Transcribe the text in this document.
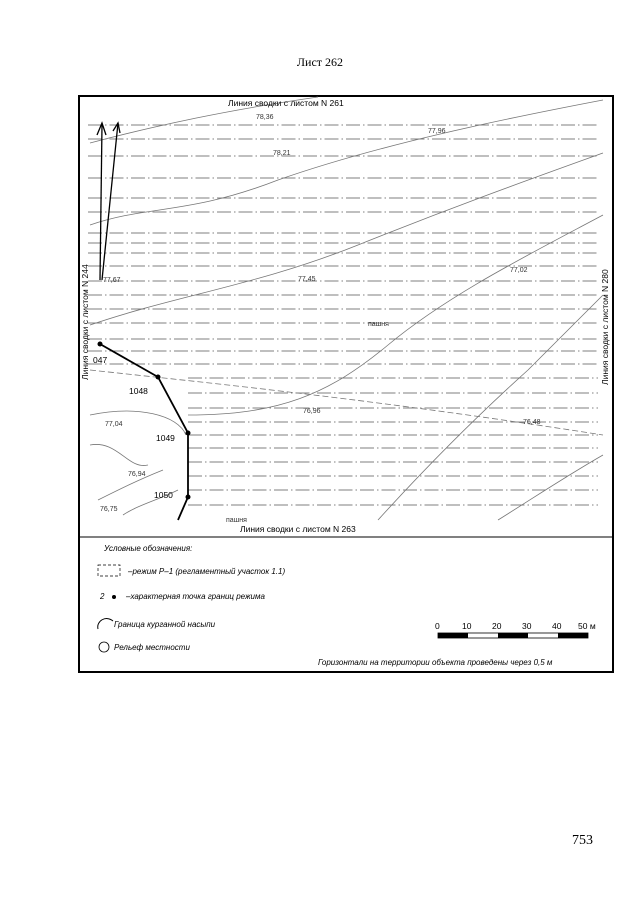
Лист 262
Линия сводки с листом N 261
Линия сводки с листом N 263
Линия сводки с листом N 244	Линия сводки с листом N 280
78,36
77,96
78,21
77,67	77,45
77,02
76,96
76,48
77,04
76,94
76,75
пашня
пашня
047
1048
1049
1050
Условные обозначения:
–режим Р–1 (регламентный участок 1.1)
2	–характерная точка границ режима
Граница курганной насыпи
Рельеф местности
0	10 20 30 40 50 м
Горизонтали на территории объекта проведены через 0,5 м
753
